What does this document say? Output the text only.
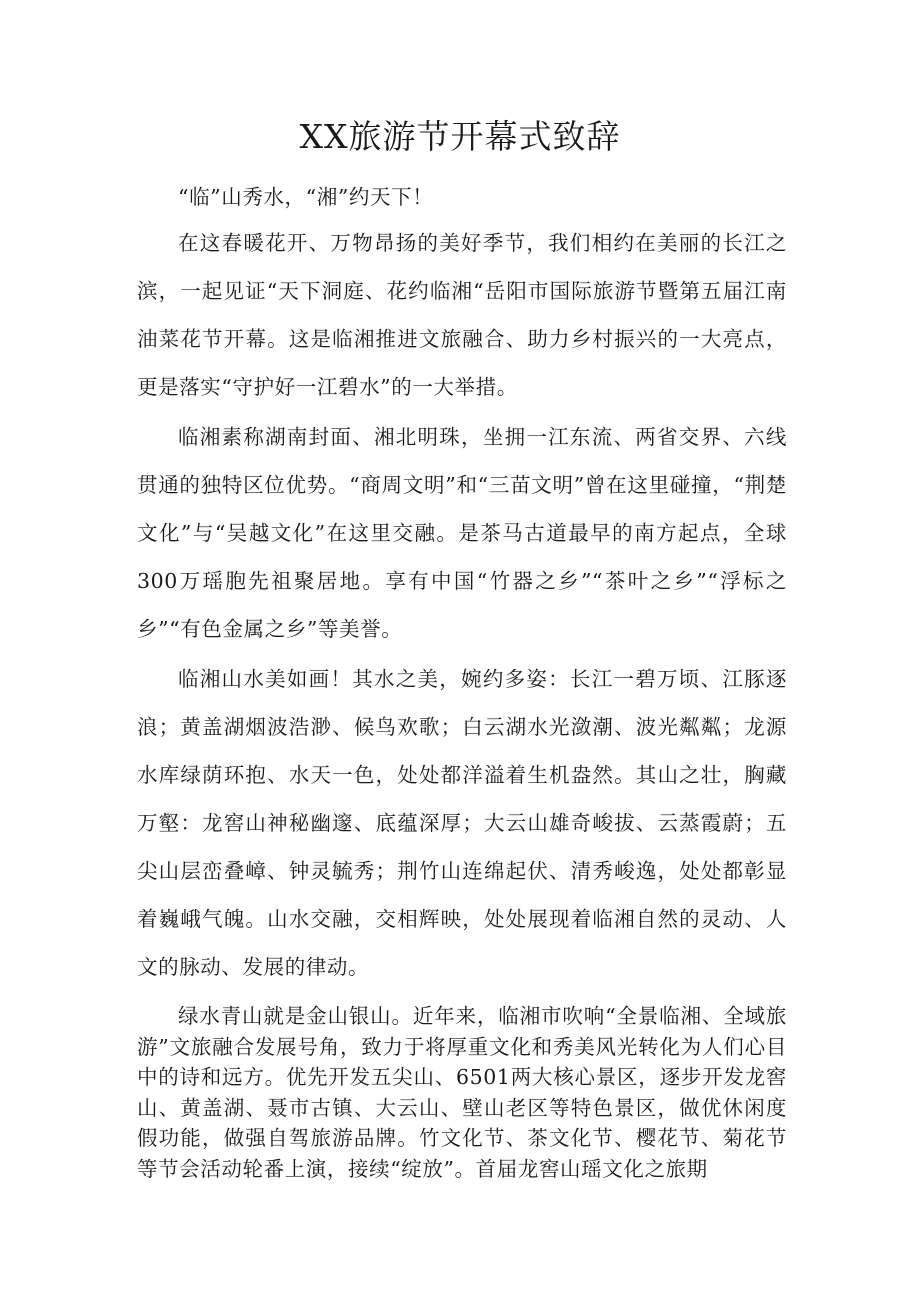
XX旅游节开幕式致辞

“临”山秀水，“湘”约天下！

在这春暖花开、万物昂扬的美好季节，我们相约在美丽的长江之滨，一起见证“天下洞庭、花约临湘“岳阳市国际旅游节暨第五届江南油菜花节开幕。这是临湘推进文旅融合、助力乡村振兴的一大亮点，更是落实“守护好一江碧水”的一大举措。

临湘素称湖南封面、湘北明珠，坐拥一江东流、两省交界、六线贯通的独特区位优势。“商周文明”和“三苗文明”曾在这里碰撞，“荆楚文化”与“吴越文化”在这里交融。是茶马古道最早的南方起点，全球300万瑶胞先祖聚居地。享有中国“竹器之乡”“茶叶之乡”“浮标之乡”“有色金属之乡”等美誉。

临湘山水美如画！其水之美，婉约多姿：长江一碧万顷、江豚逐浪；黄盖湖烟波浩渺、候鸟欢歌；白云湖水光潋潮、波光粼粼；龙源水库绿荫环抱、水天一色，处处都洋溢着生机盎然。其山之壮，胸藏万壑：龙窖山神秘幽邃、底蕴深厚；大云山雄奇峻拔、云蒸霞蔚；五尖山层峦叠嶂、钟灵毓秀；荆竹山连绵起伏、清秀峻逸，处处都彰显着巍峨气魄。山水交融，交相辉映，处处展现着临湘自然的灵动、人文的脉动、发展的律动。

绿水青山就是金山银山。近年来，临湘市吹响“全景临湘、全域旅游”文旅融合发展号角，致力于将厚重文化和秀美风光转化为人们心目中的诗和远方。优先开发五尖山、6501两大核心景区，逐步开发龙窖山、黄盖湖、聂市古镇、大云山、壁山老区等特色景区，做优休闲度假功能，做强自驾旅游品牌。竹文化节、茶文化节、樱花节、菊花节等节会活动轮番上演，接续“绽放”。首届龙窖山瑶文化之旅期
